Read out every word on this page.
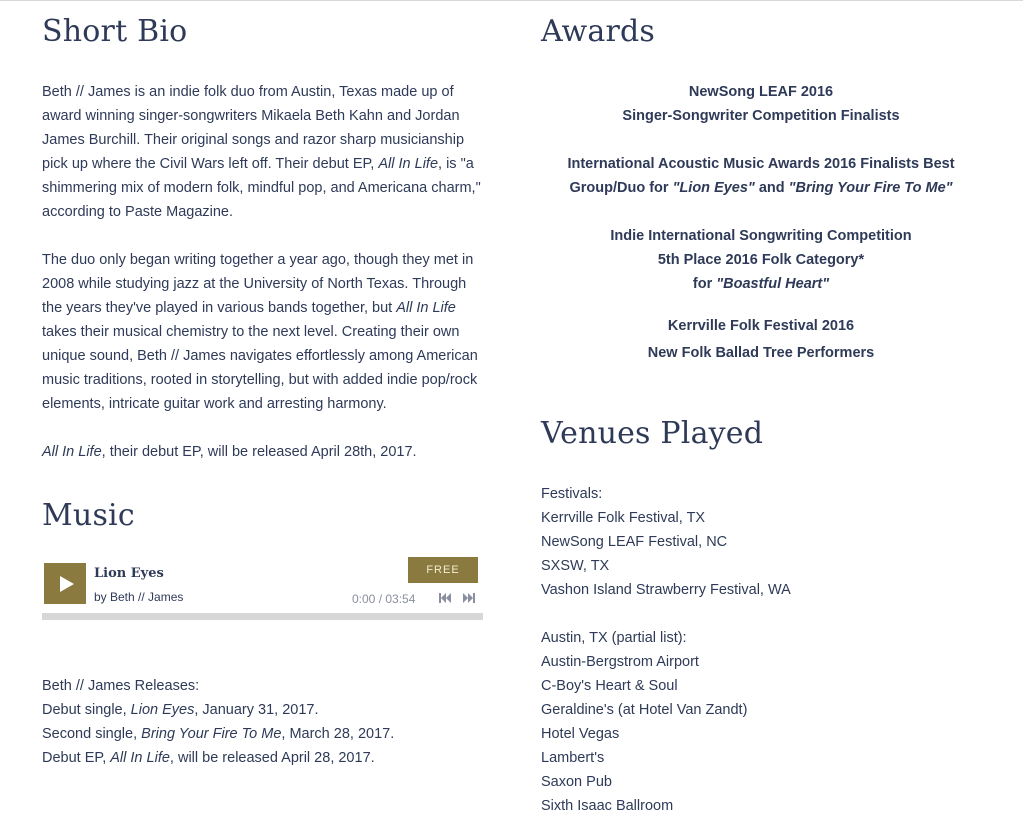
Short Bio

Beth // James is an indie folk duo from Austin, Texas made up of award winning singer-songwriters Mikaela Beth Kahn and Jordan James Burchill. Their original songs and razor sharp musicianship pick up where the Civil Wars left off. Their debut EP, All In Life, is "a shimmering mix of modern folk, mindful pop, and Americana charm," according to Paste Magazine.

The duo only began writing together a year ago, though they met in 2008 while studying jazz at the University of North Texas. Through the years they've played in various bands together, but All In Life takes their musical chemistry to the next level. Creating their own unique sound, Beth // James navigates effortlessly among American music traditions, rooted in storytelling, but with added indie pop/rock elements, intricate guitar work and arresting harmony.

All In Life, their debut EP, will be released April 28th, 2017.

Music
Lion Eyes
by Beth // James
FREE
0:00 / 03:54

Beth // James Releases:

Debut single, Lion Eyes, January 31, 2017.

Second single, Bring Your Fire To Me, March 28, 2017.

Debut EP, All In Life, will be released April 28, 2017.

Awards

NewSong LEAF 2016

Singer-Songwriter Competition Finalists

International Acoustic Music Awards 2016 Finalists Best

Group/Duo for "Lion Eyes" and "Bring Your Fire To Me"

Indie International Songwriting Competition

5th Place 2016 Folk Category*

for "Boastful Heart"

Kerrville Folk Festival 2016

New Folk Ballad Tree Performers

Venues Played

Festivals:

Kerrville Folk Festival, TX

NewSong LEAF Festival, NC

SXSW, TX

Vashon Island Strawberry Festival, WA

Austin, TX (partial list):

Austin-Bergstrom Airport

C-Boy's Heart & Soul

Geraldine's (at Hotel Van Zandt)

Hotel Vegas

Lambert's

Saxon Pub

Sixth Isaac Ballroom
